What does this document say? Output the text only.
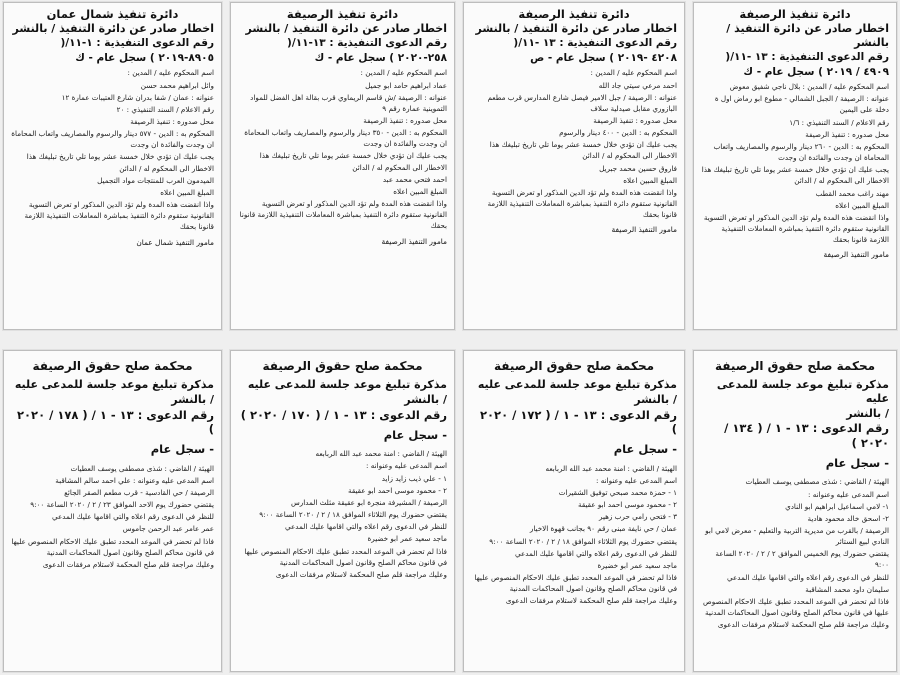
دائرة تنفيذ الرصيفة
اخطار صادر عن دائرة التنفيذ / بالنشر
رقم الدعوى التنفيذية : ١٣ -١١/(
٤٩٠٩ / ٢٠١٩ ) سجل عام - ك

اسم المحكوم عليه / المدين : بلال ناجي شفيق معوض

عنوانه : الرصيفة / الجبل الشمالي - مطوع ابو رماض اول ة دخلة على اليمين

رقم الاعلام / السند التنفيذي : ١/٦

محل صدوره : تنفيذ الرصيفة

المحكوم به : الدين - ٢٦٠ دينار والرسوم والمصاريف واتعاب المحاماة ان وجدت والفائدة ان وجدت

يجب عليك ان تؤدي خلال خمسة عشر يوما تلي تاريخ تبليغك هذا الاخطار الى المحكوم له / الدائن

مهند راغب محمد القطب

المبلغ المبين اعلاه

واذا انقضت هذه المدة ولم تؤد الدين المذكور او تعرض التسوية القانونية ستقوم دائرة التنفيذ بمباشرة المعاملات التنفيذية اللازمة قانونا بحقك

مامور التنفيذ الرصيفة
دائرة تنفيذ الرصيفة
اخطار صادر عن دائرة التنفيذ / بالنشر
رقم الدعوى التنفيذية : ١٣ -١١/(
٤٢٠٨ -٢٠١٩ ) سجل عام - ص

اسم المحكوم عليه / المدين :

احمد مرعي سيتي جاد الله

عنوانه : الرصيفة / جبل الامير فيصل شارع المدارس قرب مطعم البازوري مقابل صيدلية سلاف

محل صدوره : تنفيذ الرصيفة

المحكوم به : الدين - ٤٠٠ دينار والرسوم

يجب عليك ان تؤدي خلال خمسة عشر يوما تلي تاريخ تبليغك هذا الاخطار الى المحكوم له / الدائن

فاروق حسين محمد جبريل

المبلغ المبين اعلاه

واذا انقضت هذه المدة ولم تؤد الدين المذكور او تعرض التسوية القانونية ستقوم دائرة التنفيذ بمباشرة المعاملات التنفيذية اللازمة قانونا بحقك

مامور التنفيذ الرصيفة
دائرة تنفيذ الرصيفة
اخطار صادر عن دائرة التنفيذ / بالنشر
رقم الدعوى التنفيذية : ١٣-١١/(
٢٥٨-٢٠٢٠ ) سجل عام - ك

اسم المحكوم عليه / المدين :

عماد ابراهيم حامد ابو جميل

عنوانه : الرصيفة /ش قاسم الريماوي قرب بقالة اهل الفضل للمواد التموينية عمارة رقم ٩

محل صدوره : تنفيذ الرصيفة

المحكوم به : الدين - ٣٥٠ دينار والرسوم والمصاريف واتعاب المحاماة ان وجدت والفائدة ان وجدت

يجب عليك ان تؤدي خلال خمسة عشر يوما تلي تاريخ تبليغك هذا الاخطار الى المحكوم له / الدائن

احمد فتحي محمد عبد

المبلغ المبين اعلاه

واذا انقضت هذه المدة ولم تؤد الدين المذكور او تعرض التسوية القانونية ستقوم دائرة التنفيذ بمباشرة المعاملات التنفيذية اللازمة قانونا بحقك

مامور التنفيذ الرصيفة
دائرة تنفيذ شمال عمان
اخطار صادر عن دائرة التنفيذ / بالنشر
رقم الدعوى التنفيذية : ١-١١/(
٨٩٠٥-٢٠١٩ ) سجل عام - ك

اسم المحكوم عليه / المدين :

وائل ابراهيم محمد حسن

عنوانه : عمان / شفا بدران شارع العتيبات عمارة ١٢

رقم الاعلام / السند التنفيذي : ٢٠

محل صدوره : تنفيذ الرصيفة

المحكوم به : الدين - ٥٧٧ دينار والرسوم والمصاريف واتعاب المحاماة ان وجدت والفائدة ان وجدت

يجب عليك ان تؤدي خلال خمسة عشر يوما تلي تاريخ تبليغك هذا الاخطار الى المحكوم له / الدائن

الميدمون العرب للمنتجات مواد التجميل

المبلغ المبين اعلاه

واذا انقضت هذه المدة ولم تؤد الدين المذكور او تعرض التسوية القانونية ستقوم دائرة التنفيذ بمباشرة المعاملات التنفيذية اللازمة قانونا بحقك

مامور التنفيذ شمال عمان
محكمة صلح حقوق الرصيفة
مذكرة تبليغ موعد جلسة للمدعى عليه
/ بالنشر
رقم الدعوى : ١٣ - ١ / ( ١٣٤ / ٢٠٢٠ )
- سجل عام

الهيئة / القاضي : شذى مصطفى يوسف العطيات

اسم المدعى عليه وعنوانه :

١- لامي اسماعيل ابراهيم ابو النادي

٢- اسحق خالد محمود هادية

الرصيفة / بالقرب من مديرية التربية والتعليم - معرض لامي ابو النادي لبيع الستائر

يقتضي حضورك يوم الخميس الموافق ٢ / ٢ / ٢٠٢٠ الساعة ٩:٠٠

للنظر في الدعوى رقم اعلاه والتي اقامها عليك المدعي

سليمان داود محمد المشاقبة

فاذا لم تحضر في الموعد المحدد تطبق عليك الاحكام المنصوص عليها في قانون محاكم الصلح وقانون اصول المحاكمات المدنية

وعليك مراجعة قلم صلح المحكمة لاستلام مرفقات الدعوى

محكمة صلح حقوق الرصيفة
مذكرة تبليغ موعد جلسة للمدعى عليه
/ بالنشر
رقم الدعوى : ١٣ - ١ / ( ١٧٢ / ٢٠٢٠ )
- سجل عام

الهيئة / القاضي : امنة محمد عبد الله الربابعه

اسم المدعى عليه وعنوانه :

١ - حمزة محمد صبحي توفيق الشقيرات

٢ - محمود موسى احمد ابو عقيقة

٣ - فتحي رامي حرب زهير

عمان / حي نايفة مبنى رقم ٩٠ بجانب قهوة الاخيار

يقتضي حضورك يوم الثلاثاء الموافق ١٨ / ٢ / ٢٠٢٠ الساعة ٩:٠٠

للنظر في الدعوى رقم اعلاه والتي اقامها عليك المدعي

ماجد سعيد عمر ابو خضيرة

فاذا لم تحضر في الموعد المحدد تطبق عليك الاحكام المنصوص عليها في قانون محاكم الصلح وقانون اصول المحاكمات المدنية

وعليك مراجعة قلم صلح المحكمة لاستلام مرفقات الدعوى

محكمة صلح حقوق الرصيفة
مذكرة تبليغ موعد جلسة للمدعى عليه
/ بالنشر
رقم الدعوى : ١٣ - ١ / ( ١٧٠ / ٢٠٢٠ )
- سجل عام

الهيئة / القاضي : امنة محمد عبد الله الربابعه

اسم المدعى عليه وعنوانه :

١ - علي ذيب زايد زايد

٢ - محمود موسى احمد ابو عقيقة

الرصيفة / المشيرفة منجرة ابو عقيقة مثلث المدارس

يقتضي حضورك يوم الثلاثاء الموافق ١٨ / ٢ / ٢٠٢٠ الساعة ٩:٠٠

للنظر في الدعوى رقم اعلاه والتي اقامها عليك المدعي

ماجد سعيد عمر ابو خضيرة

فاذا لم تحضر في الموعد المحدد تطبق عليك الاحكام المنصوص عليها في قانون محاكم الصلح وقانون اصول المحاكمات المدنية

وعليك مراجعة قلم صلح المحكمة لاستلام مرفقات الدعوى

محكمة صلح حقوق الرصيفة
مذكرة تبليغ موعد جلسة للمدعى عليه
/ بالنشر
رقم الدعوى : ١٣ - ١ / ( ١٧٨ / ٢٠٢٠ )
- سجل عام

الهيئة / القاضي : شذى مصطفى يوسف العطيات

اسم المدعى عليه وعنوانه : علي احمد سالم المشاقبة

الرصيفة / حي القادسية - قرب مطعم الصقر الجائع

يقتضي حضورك يوم الاحد الموافق ٢٣ / ٢ / ٢٠٢٠ الساعة ٩:٠٠

للنظر في الدعوى رقم اعلاه والتي اقامها عليك المدعي

عمر عامر عبد الرحمن جاموس

فاذا لم تحضر في الموعد المحدد تطبق عليك الاحكام المنصوص عليها في قانون محاكم الصلح وقانون اصول المحاكمات المدنية

وعليك مراجعة قلم صلح المحكمة لاستلام مرفقات الدعوى
